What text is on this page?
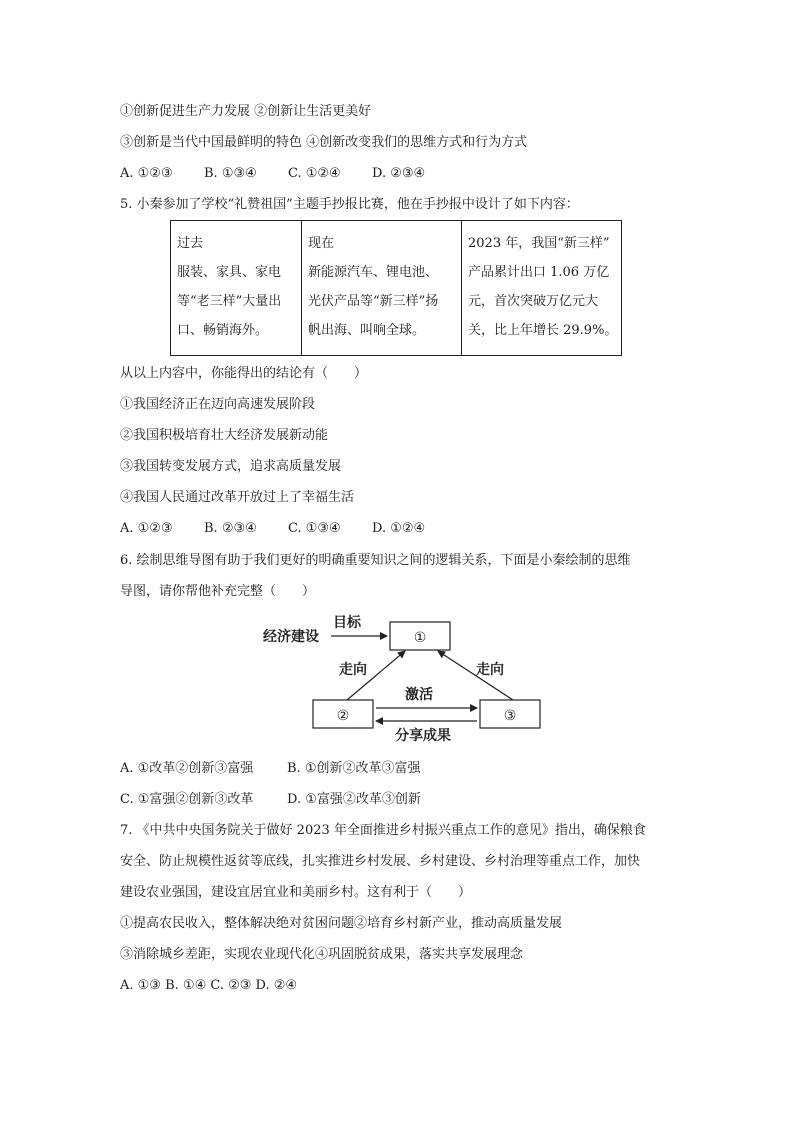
①创新促进生产力发展 ②创新让生活更美好
③创新是当代中国最鲜明的特色 ④创新改变我们的思维方式和行为方式
A. ①②③ B. ①③④ C. ①②④ D. ②③④
5. 小秦参加了学校“礼赞祖国”主题手抄报比赛，他在手抄报中设计了如下内容：
过去
服装、家具、家电
等“老三样”大量出
口、畅销海外。

现在
新能源汽车、锂电池、
光伏产品等“新三样”扬
帆出海、叫响全球。

2023 年，我国“新三样”
产品累计出口 1.06 万亿
元，首次突破万亿元大
关，比上年增长 29.9%。
从以上内容中，你能得出的结论有（　　）
①我国经济正在迈向高速发展阶段
②我国积极培育壮大经济发展新动能
③我国转变发展方式，追求高质量发展
④我国人民通过改革开放过上了幸福生活
A. ①②③ B. ②③④ C. ①③④ D. ①②④
6. 绘制思维导图有助于我们更好的明确重要知识之间的逻辑关系，下面是小秦绘制的思维
导图，请你帮他补充完整（　　）
经济建设
目标
①
②	③
走向	走向
激活
分享成果
A. ①改革②创新③富强	B. ①创新②改革③富强
C. ①富强②创新③改革	D. ①富强②改革③创新
7. 《中共中央国务院关于做好 2023 年全面推进乡村振兴重点工作的意见》指出，确保粮食
安全、防止规模性返贫等底线，扎实推进乡村发展、乡村建设、乡村治理等重点工作，加快
建设农业强国，建设宜居宜业和美丽乡村。这有利于（　　）
①提高农民收入，整体解决绝对贫困问题②培育乡村新产业，推动高质量发展
③消除城乡差距，实现农业现代化④巩固脱贫成果，落实共享发展理念
A. ①③ B. ①④ C. ②③ D. ②④
